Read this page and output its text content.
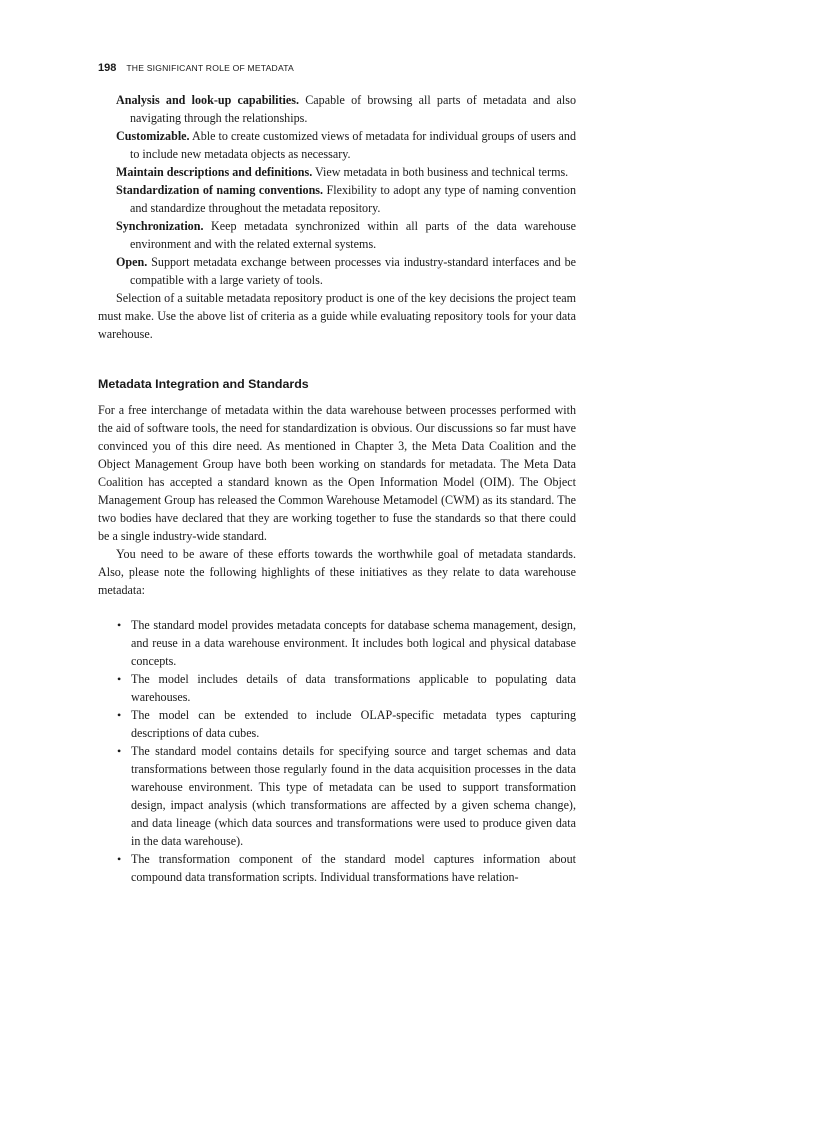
198 THE SIGNIFICANT ROLE OF METADATA
Analysis and look-up capabilities. Capable of browsing all parts of metadata and also navigating through the relationships.
Customizable. Able to create customized views of metadata for individual groups of users and to include new metadata objects as necessary.
Maintain descriptions and definitions. View metadata in both business and technical terms.
Standardization of naming conventions. Flexibility to adopt any type of naming convention and standardize throughout the metadata repository.
Synchronization. Keep metadata synchronized within all parts of the data warehouse environment and with the related external systems.
Open. Support metadata exchange between processes via industry-standard interfaces and be compatible with a large variety of tools.

Selection of a suitable metadata repository product is one of the key decisions the project team must make. Use the above list of criteria as a guide while evaluating repository tools for your data warehouse.

Metadata Integration and Standards

For a free interchange of metadata within the data warehouse between processes performed with the aid of software tools, the need for standardization is obvious. Our discussions so far must have convinced you of this dire need. As mentioned in Chapter 3, the Meta Data Coalition and the Object Management Group have both been working on standards for metadata. The Meta Data Coalition has accepted a standard known as the Open Information Model (OIM). The Object Management Group has released the Common Warehouse Metamodel (CWM) as its standard. The two bodies have declared that they are working together to fuse the standards so that there could be a single industry-wide standard.

You need to be aware of these efforts towards the worthwhile goal of metadata standards. Also, please note the following highlights of these initiatives as they relate to data warehouse metadata:

• The standard model provides metadata concepts for database schema management, design, and reuse in a data warehouse environment. It includes both logical and physical database concepts.
• The model includes details of data transformations applicable to populating data warehouses.
• The model can be extended to include OLAP-specific metadata types capturing descriptions of data cubes.
• The standard model contains details for specifying source and target schemas and data transformations between those regularly found in the data acquisition processes in the data warehouse environment. This type of metadata can be used to support transformation design, impact analysis (which transformations are affected by a given schema change), and data lineage (which data sources and transformations were used to produce given data in the data warehouse).
• The transformation component of the standard model captures information about compound data transformation scripts. Individual transformations have relation-
